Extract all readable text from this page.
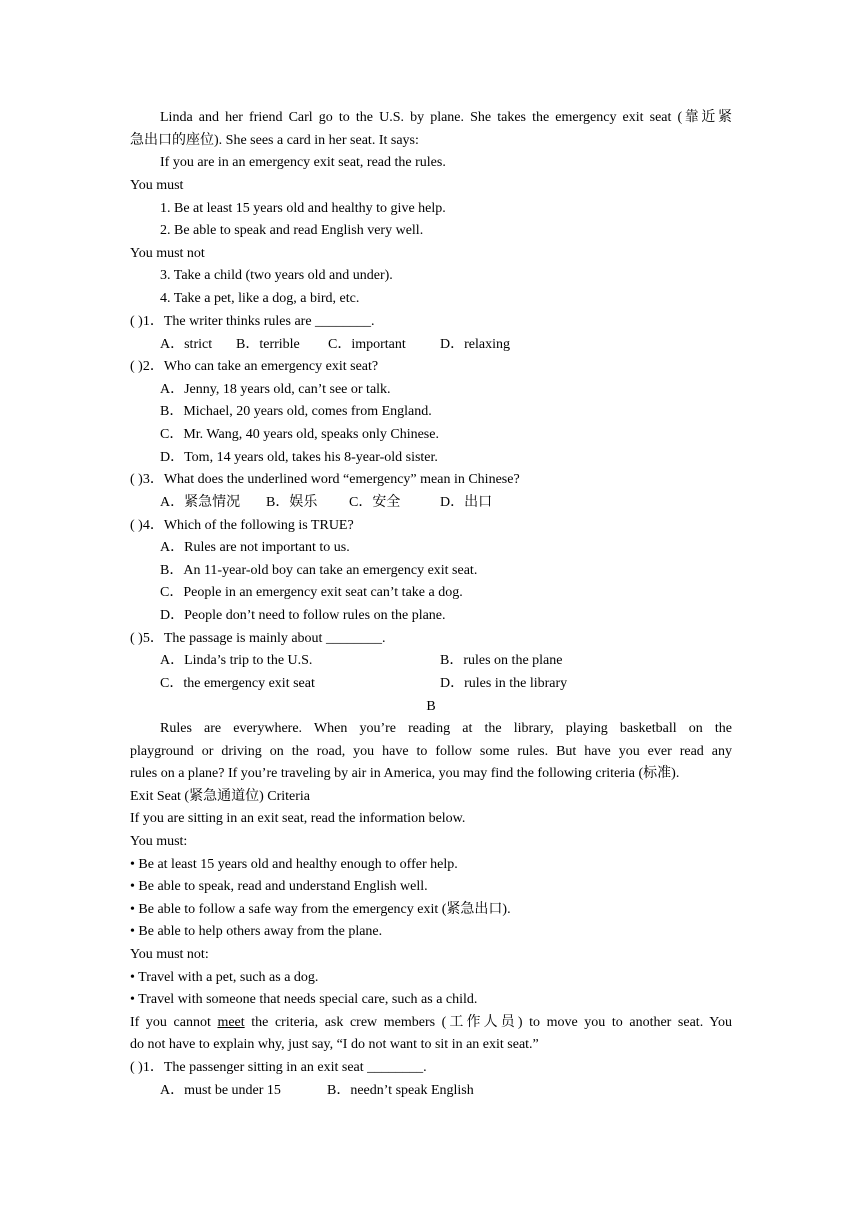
Linda and her friend Carl go to the U.S. by plane. She takes the emergency exit seat (靠近紧
急出口的座位). She sees a card in her seat. It says:
If you are in an emergency exit seat, read the rules.
You must
1. Be at least 15 years old and healthy to give help.
2. Be able to speak and read English very well.
You must not
3. Take a child (two years old and under).
4. Take a pet, like a dog, a bird, etc.
( )1．The writer thinks rules are ________.
A．strict B．terrible C．important D．relaxing
( )2．Who can take an emergency exit seat?
A．Jenny, 18 years old, can’t see or talk.
B．Michael, 20 years old, comes from England.
C．Mr. Wang, 40 years old, speaks only Chinese.
D．Tom, 14 years old, takes his 8-year-old sister.
( )3．What does the underlined word “emergency” mean in Chinese?
A．紧急情况 B．娱乐 C．安全	D．出口
( )4．Which of the following is TRUE?
A．Rules are not important to us.
B．An 11-year-old boy can take an emergency exit seat.
C．People in an emergency exit seat can’t take a dog.
D．People don’t need to follow rules on the plane.
( )5．The passage is mainly about ________.
A．Linda’s trip to the U.S.	B．rules on the plane
C．the emergency exit seat	D．rules in the library
B
Rules are everywhere. When you’re reading at the library, playing basketball on the
playground or driving on the road, you have to follow some rules. But have you ever read any
rules on a plane? If you’re traveling by air in America, you may find the following criteria (标准).
Exit Seat (紧急通道位) Criteria
If you are sitting in an exit seat, read the information below.
You must:
• Be at least 15 years old and healthy enough to offer help.
• Be able to speak, read and understand English well.
• Be able to follow a safe way from the emergency exit (紧急出口).
• Be able to help others away from the plane.
You must not:
• Travel with a pet, such as a dog.
• Travel with someone that needs special care, such as a child.
If you cannot meet the criteria, ask crew members (工作人员) to move you to another seat. You
do not have to explain why, just say, “I do not want to sit in an exit seat.”
( )1．The passenger sitting in an exit seat ________.
A．must be under 15	B．needn’t speak English
